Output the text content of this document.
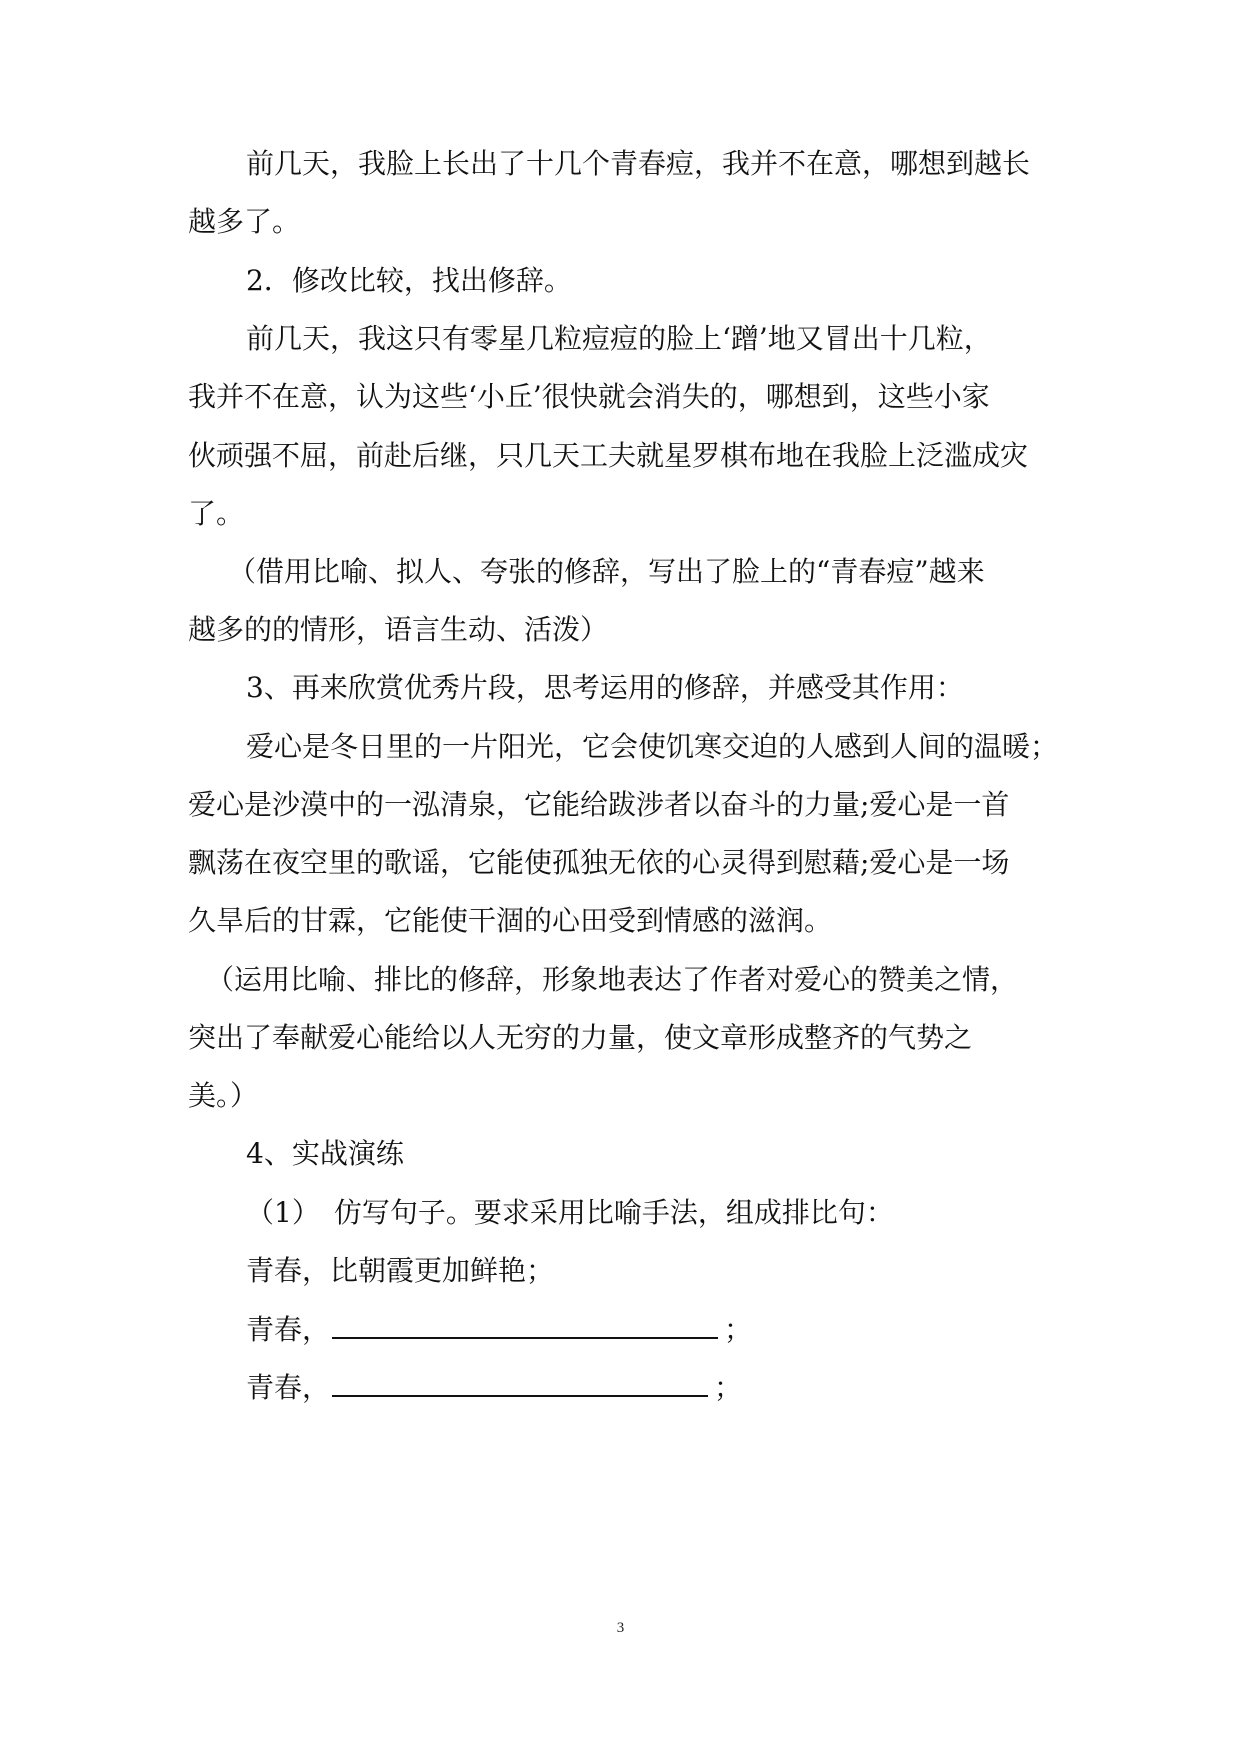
前几天，我脸上长出了十几个青春痘，我并不在意，哪想到越长

越多了。

2．修改比较，找出修辞。

前几天，我这只有零星几粒痘痘的脸上‘蹭’地又冒出十几粒，

我并不在意，认为这些‘小丘’很快就会消失的，哪想到，这些小家

伙顽强不屈，前赴后继，只几天工夫就星罗棋布地在我脸上泛滥成灾

了。

（借用比喻、拟人、夸张的修辞，写出了脸上的“青春痘”越来

越多的的情形，语言生动、活泼）

3、再来欣赏优秀片段，思考运用的修辞，并感受其作用：

爱心是冬日里的一片阳光，它会使饥寒交迫的人感到人间的温暖；

爱心是沙漠中的一泓清泉，它能给跋涉者以奋斗的力量;爱心是一首

飘荡在夜空里的歌谣，它能使孤独无依的心灵得到慰藉;爱心是一场

久旱后的甘霖，它能使干涸的心田受到情感的滋润。

（运用比喻、排比的修辞，形象地表达了作者对爱心的赞美之情，

突出了奉献爱心能给以人无穷的力量，使文章形成整齐的气势之

美。）

4、实战演练

（1）　仿写句子。要求采用比喻手法，组成排比句：

青春，比朝霞更加鲜艳；

青春，	；

青春，	；

3
